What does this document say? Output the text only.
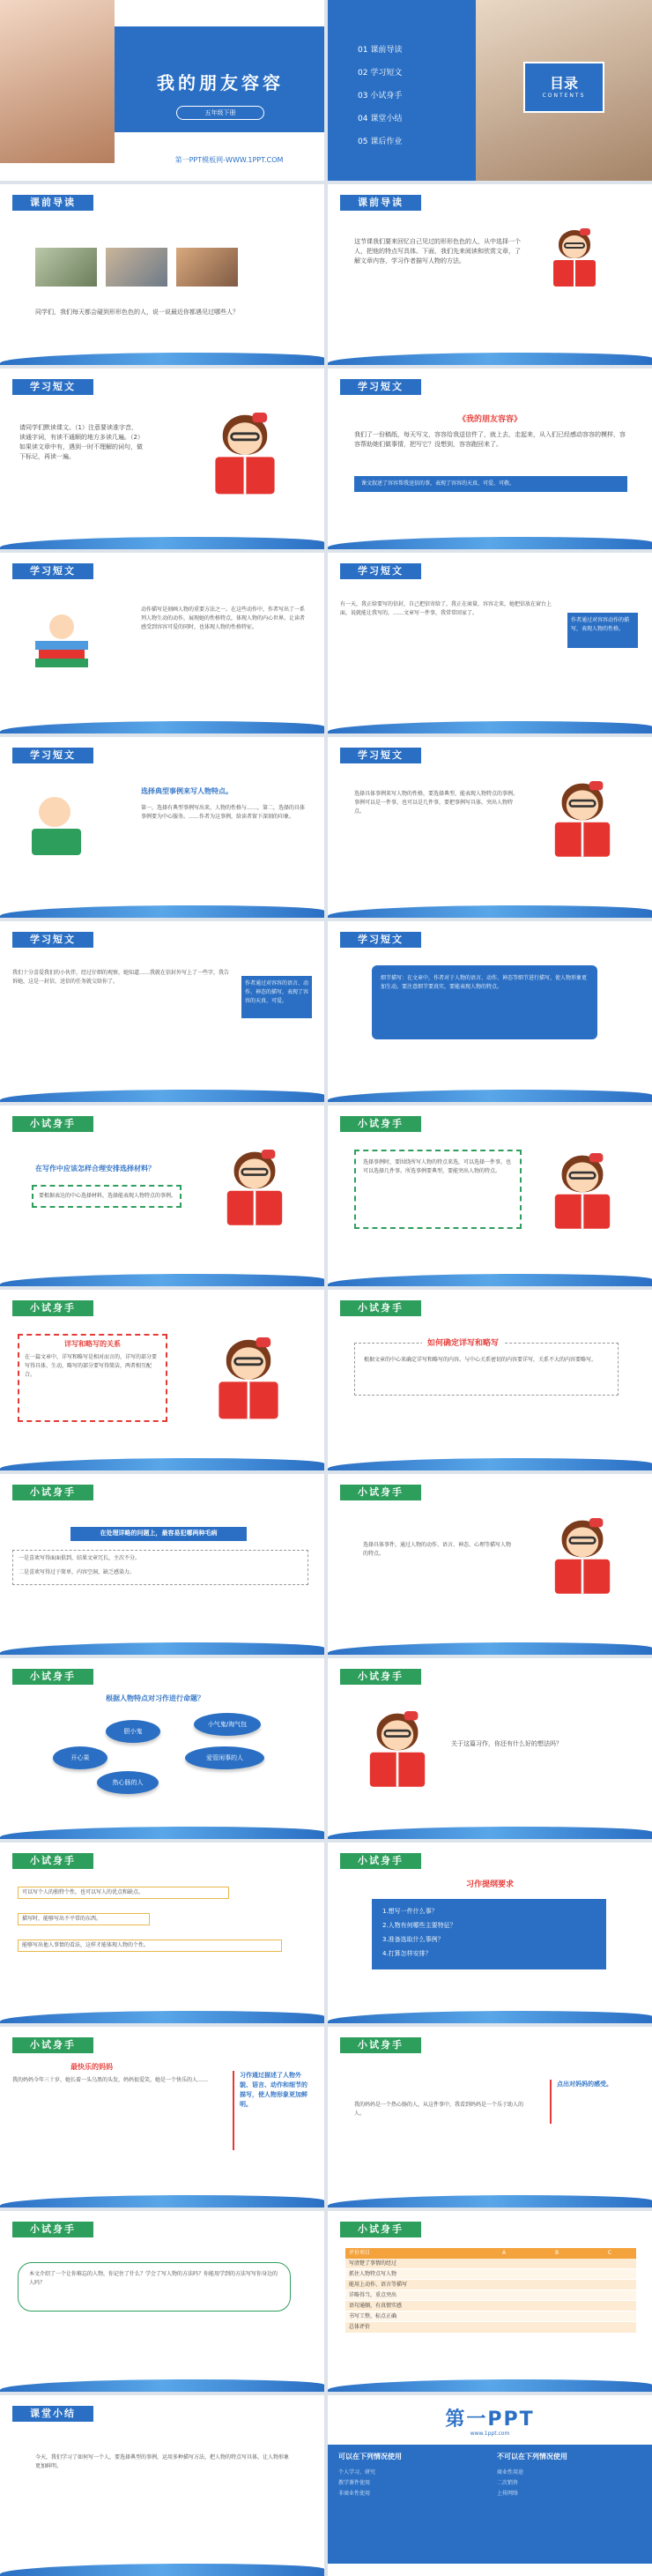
我的朋友容容
五年级下册
第一PPT模板网-WWW.1PPT.COM
目录
CONTENTS
01 课前导读
02 学习短文
03 小试身手
04 课堂小结
05 课后作业
课前导读
同学们，我们每天都会碰到形形色色的人，说一说最近你都遇见过哪些人？
课前导读
这节课我们要来回忆自己见过的形形色色的人，从中选择一个人，把他的特点写具体。下面，我们先来阅读和欣赏文章，了解文章内容，学习作者描写人物的方法。
学习短文
请同学们默读课文。（1）注意要读准字音，读通字词，有读不通顺的地方多读几遍。（2）如果读文章中有，遇到一时不理解的词句，做下标记，再读一遍。
学习短文
《我的朋友容容》
我们了一份稿纸，每天写文，容容给我送信件了，就上去，走起来，从入们已经感动容容的模样，容容帮助她们做事情，把写它？没想到，容容跑回来了。
课文叙述了容容帮我送信的事，表现了容容的天真、可爱、可敬。
学习短文
动作描写是刻画人物的重要方法之一。在这些动作中，作者写出了一系列人物生动的动作，展现她的性格特点，体现人物的内心世界。让读者感受到容容可爱的同时，也体现人物的性格特征。
学习短文
有一天，我正给要写的信封，自己把信寄给了，我正在商量，容容走来，她把信放在窗台上面，说就能让我写的，……文章写一件事，我常常回家了。
作者通过对容容动作的描写，表现人物的性格。
学习短文
选择典型事例来写人物特点。
第一，选择有典型事例写出来，人物的性格与……，第二，选择的具体事例要为中心服务。……作者为这事例，给读者留下深刻的印象。
学习短文
选择具体事例来写人物的性格，要选择典型，能表现人物特点的事例。事例可以是一件事，也可以是几件事，要把事例写具体，突出人物特点。
学习短文
我们十分喜爱我们的小伙伴，经过仔细的观察，她知道……我就在信封外写上了一些字，我告诉她，这是一封信，送信的任务就交给你了。	作者通过对容容的语言、动作、神态的描写，表现了容容的天真、可爱。
学习短文
细节描写：在文章中，作者对于人物的语言、动作、神态等细节进行描写，使人物形象更加生动。要注意细节要真实，要能表现人物的特点。
小试身手
在写作中应该怎样合理安排选择材料？
要根据表达的中心选择材料，选择能表现人物特点的事例。
小试身手
选择事例时，要围绕所写人物的特点来选，可以选择一件事，也可以选择几件事。所选事例要典型，要能突出人物的特点。
小试身手
详写和略写的关系
在一篇文章中，详写和略写是相对而言的，详写的部分要写得具体、生动，略写的部分要写得简洁，两者相互配合。
小试身手
如何确定详写和略写
根据文章的中心来确定详写和略写的内容。与中心关系密切的内容要详写，关系不大的内容要略写。
小试身手
在处理详略的问题上，最容易犯哪两种毛病
一是喜欢写得面面俱到，结果文章冗长，主次不分。
二是喜欢写得过于简单，内容空洞，缺乏感染力。
小试身手
选择具体事件，通过人物的动作、语言、神态、心理等描写人物的特点。
小试身手
根据人物特点对习作进行命题？
胆小鬼
小气鬼/淘气包
爱管闲事的人
热心肠的人
开心果
小试身手
关于这篇习作，你还有什么好的想法吗？
小试身手
可以写个人的独特个性，也可以写人的优点和缺点。
描写时，能够写出不平常的东西。
能够写出他人事情的看法，这样才能体现人物的个性。
小试身手
习作提纲要求
1.想写一件什么事？
2.人物有何哪些主要特征？
3.准备选取什么事例？
4.打算怎样安排？
小试身手
最快乐的妈妈
我的妈妈今年三十岁，她长着一头乌黑的头发，妈妈很爱笑，她是一个快乐的人……
习作通过描述了人物外貌、语言、动作和细节的描写，使人物形象更加鲜明。
小试身手
我的妈妈是一个热心肠的人，从这件事中，我看到妈妈是一个乐于助人的人。
点出对妈妈的感受。
小试身手
本文介绍了一个让你难忘的人物，你记住了什么？学会了写人物的方法吗？你能用学到的方法写写你身边的人吗？
小试身手
评价项目	A	B	C
写清楚了事情的经过
抓住人物特点写人物
能用上动作、语言等描写
详略得当，重点突出
语句通顺，有真情实感
书写工整，标点正确
总体评价
课堂小结
今天，我们学习了如何写一个人，要选择典型的事例，运用多种描写方法，把人物的特点写具体，让人物形象更加鲜明。
第一PPT
www.1ppt.com
可以在下列情况使用	不可以在下列情况使用
个人学习、研究
教学课件使用
非商业性使用
商业性用途
二次销售
上传网络
